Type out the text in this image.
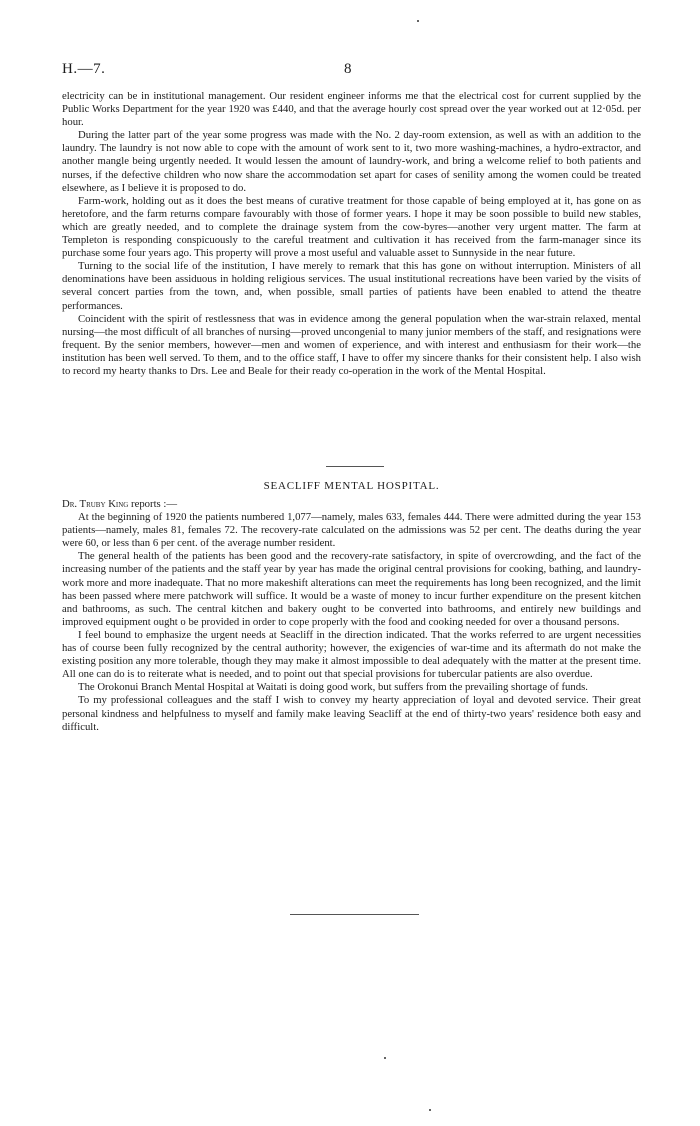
H.—7.	8

electricity can be in institutional management. Our resident engineer informs me that the electrical cost for current supplied by the Public Works Department for the year 1920 was £440, and that the average hourly cost spread over the year worked out at 12·05d. per hour.

During the latter part of the year some progress was made with the No. 2 day-room extension, as well as with an addition to the laundry. The laundry is not now able to cope with the amount of work sent to it, two more washing-machines, a hydro-extractor, and another mangle being urgently needed. It would lessen the amount of laundry-work, and bring a welcome relief to both patients and nurses, if the defective children who now share the accommodation set apart for cases of senility among the women could be treated elsewhere, as I believe it is proposed to do.

Farm-work, holding out as it does the best means of curative treatment for those capable of being employed at it, has gone on as heretofore, and the farm returns compare favourably with those of former years. I hope it may be soon possible to build new stables, which are greatly needed, and to complete the drainage system from the cow-byres—another very urgent matter. The farm at Templeton is responding conspicuously to the careful treatment and cultivation it has received from the farm-manager since its purchase some four years ago. This property will prove a most useful and valuable asset to Sunnyside in the near future.

Turning to the social life of the institution, I have merely to remark that this has gone on without interruption. Ministers of all denominations have been assiduous in holding religious services. The usual institutional recreations have been varied by the visits of several concert parties from the town, and, when possible, small parties of patients have been enabled to attend the theatre performances.

Coincident with the spirit of restlessness that was in evidence among the general population when the war-strain relaxed, mental nursing—the most difficult of all branches of nursing—proved uncongenial to many junior members of the staff, and resignations were frequent. By the senior members, however—men and women of experience, and with interest and enthusiasm for their work—the institution has been well served. To them, and to the office staff, I have to offer my sincere thanks for their consistent help. I also wish to record my hearty thanks to Drs. Lee and Beale for their ready co-operation in the work of the Mental Hospital.

SEACLIFF MENTAL HOSPITAL.

Dr. Truby King reports :—

At the beginning of 1920 the patients numbered 1,077—namely, males 633, females 444. There were admitted during the year 153 patients—namely, males 81, females 72. The recovery-rate calculated on the admissions was 52 per cent. The deaths during the year were 60, or less than 6 per cent. of the average number resident.

The general health of the patients has been good and the recovery-rate satisfactory, in spite of overcrowding, and the fact of the increasing number of the patients and the staff year by year has made the original central provisions for cooking, bathing, and laundry-work more and more inadequate. That no more makeshift alterations can meet the requirements has long been recognized, and the limit has been passed where mere patchwork will suffice. It would be a waste of money to incur further expenditure on the present kitchen and bathrooms, as such. The central kitchen and bakery ought to be converted into bathrooms, and entirely new buildings and improved equipment ought o be provided in order to cope properly with the food and cooking needed for over a thousand persons.

I feel bound to emphasize the urgent needs at Seacliff in the direction indicated. That the works referred to are urgent necessities has of course been fully recognized by the central authority; however, the exigencies of war-time and its aftermath do not make the existing position any more tolerable, though they may make it almost impossible to deal adequately with the matter at the present time. All one can do is to reiterate what is needed, and to point out that special provisions for tubercular patients are also overdue.

The Orokonui Branch Mental Hospital at Waitati is doing good work, but suffers from the prevailing shortage of funds.

To my professional colleagues and the staff I wish to convey my hearty appreciation of loyal and devoted service. Their great personal kindness and helpfulness to myself and family make leaving Seacliff at the end of thirty-two years' residence both easy and difficult.
